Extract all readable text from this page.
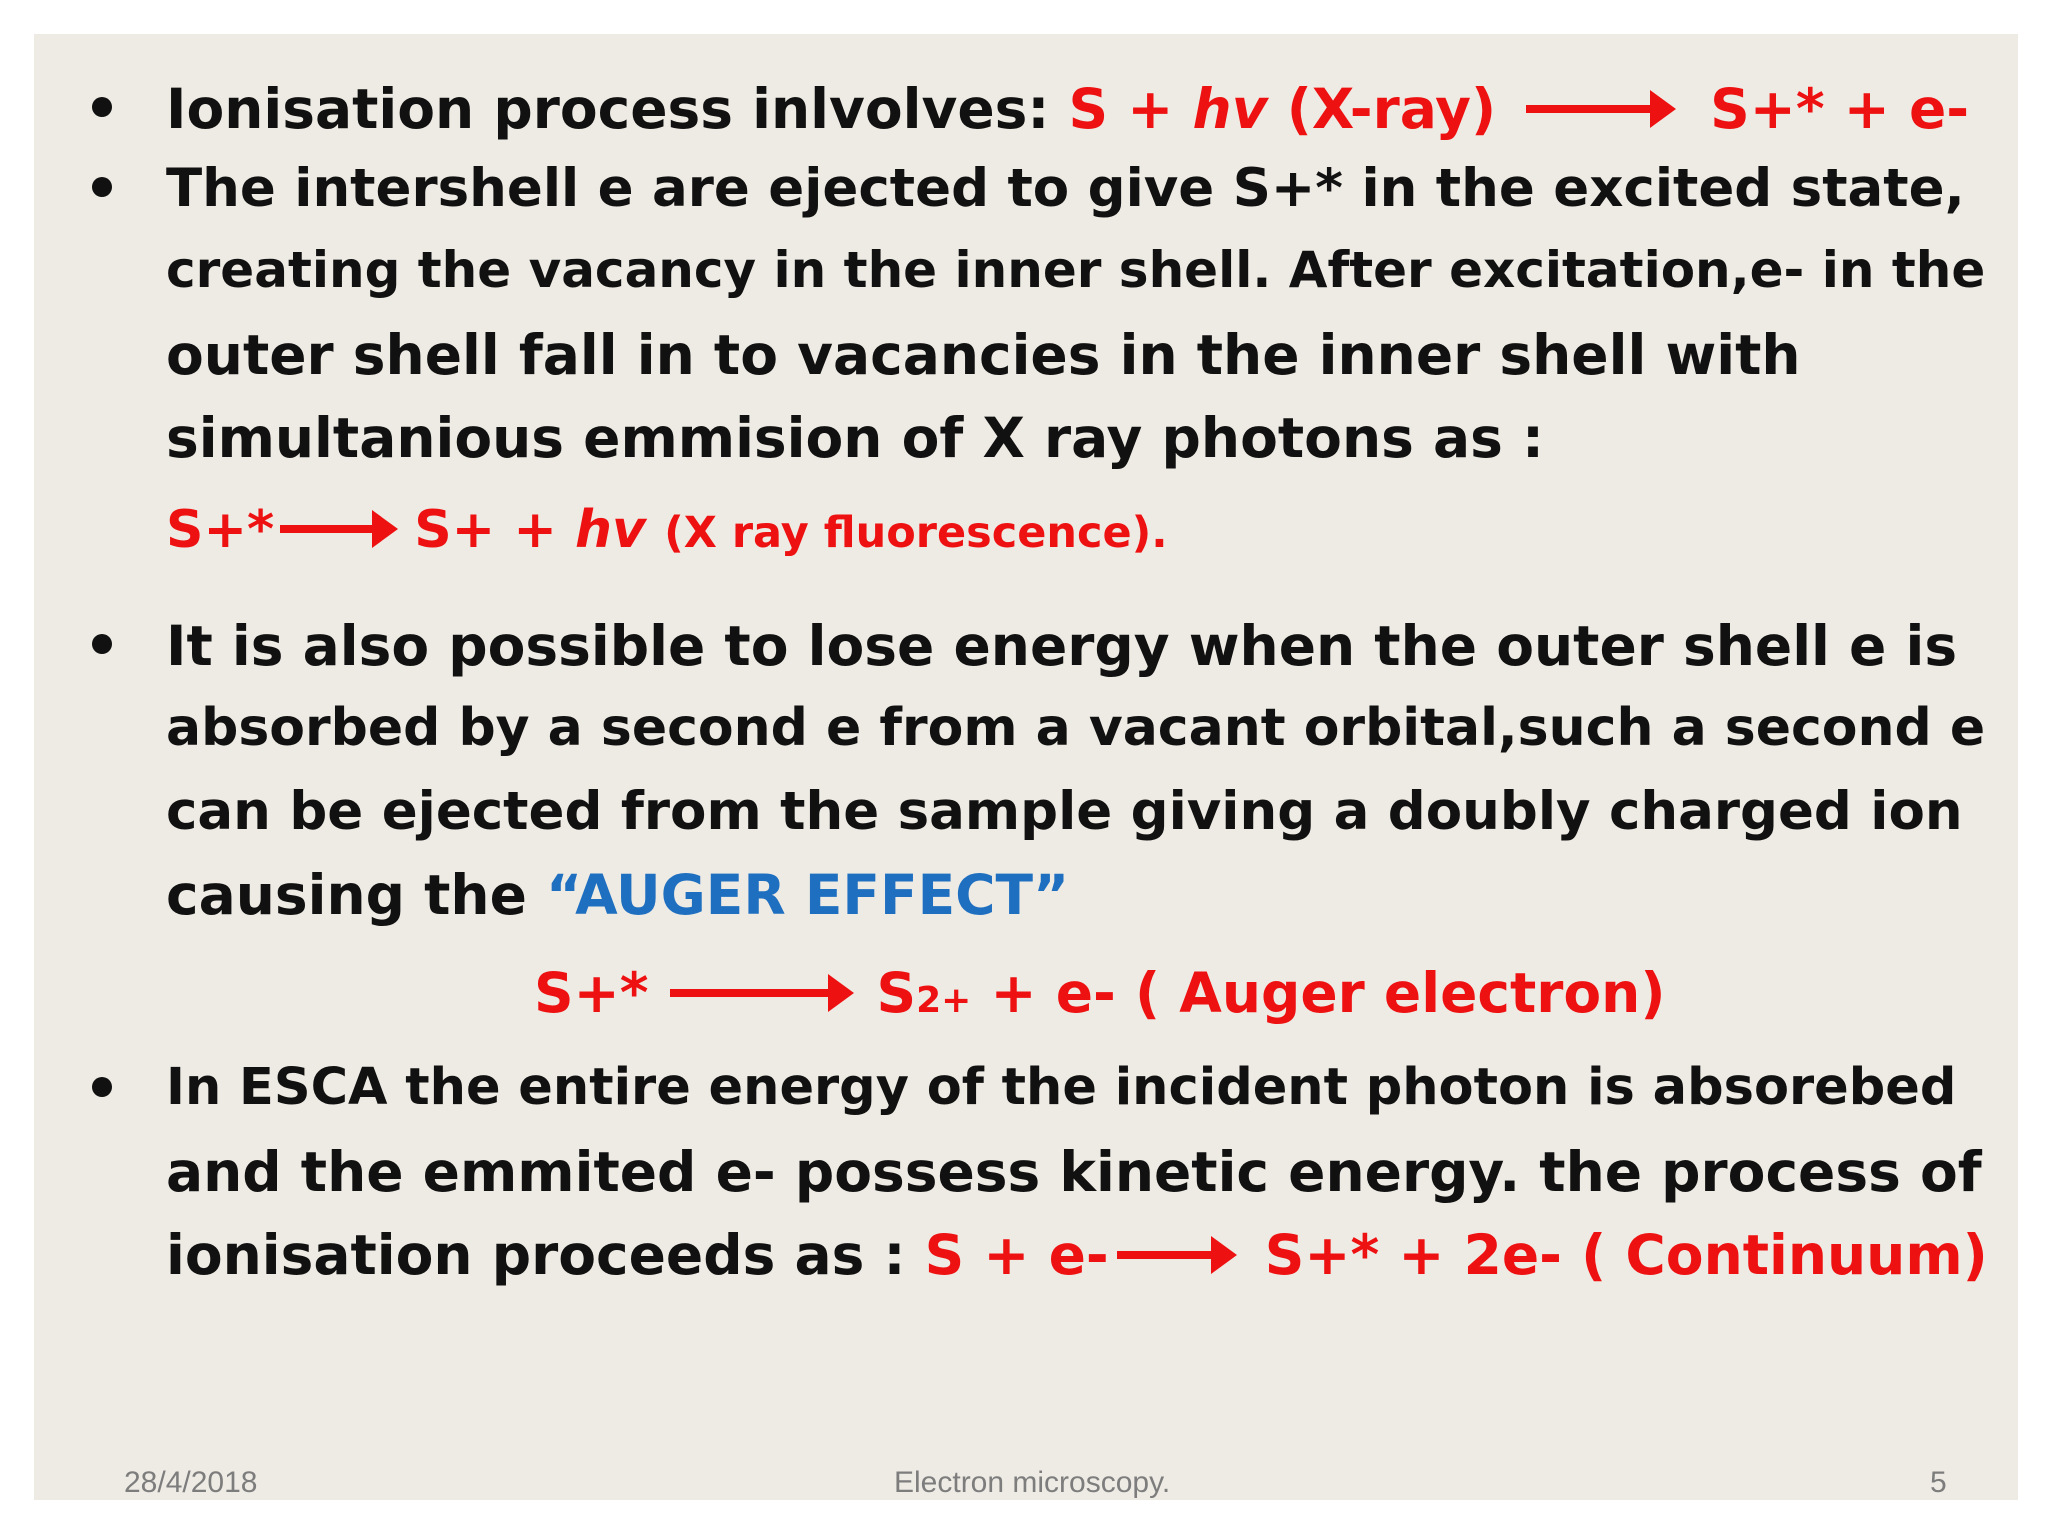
Ionisation process inlvolves: S + hv (X-ray)	S+* + e-
The intershell e are ejected to give S+* in the excited state,
creating the vacancy in the inner shell. After excitation,e- in the
outer shell fall in to vacancies in the inner shell with
simultanious emmision of X ray photons as :
S+*	S+ + hv (X ray fluorescence).
It is also possible to lose energy when the outer shell e is
absorbed by a second e from a vacant orbital,such a second e
can be ejected from the sample giving a doubly charged ion
causing the “AUGER EFFECT”
S+*	S2+ + e- ( Auger electron)
In ESCA the entire energy of the incident photon is absorebed
and the emmited e- possess kinetic energy. the process of
ionisation proceeds as : S + e-	S+* + 2e- ( Continuum)
28/4/2018	Electron microscopy.	5
